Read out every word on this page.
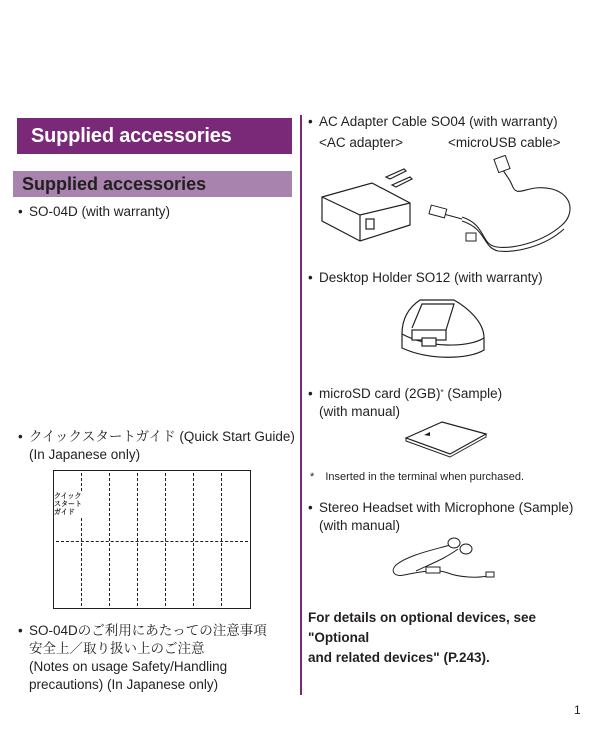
Supplied accessories
Supplied accessories
• SO-04D (with warranty)
• クイックスタートガイド (Quick Start Guide)
(In Japanese only)
クイック
スタート
ガイド
• SO-04Dのご利用にあたっての注意事項
安全上／取り扱い上のご注意
(Notes on usage Safety/Handling
precautions) (In Japanese only)
• AC Adapter Cable SO04 (with warranty)
<AC adapter>	<microUSB cable>
• Desktop Holder SO12 (with warranty)
• microSD card (2GB)* (Sample)
(with manual)
* Inserted in the terminal when purchased.
• Stereo Headset with Microphone (Sample)
(with manual)
For details on optional devices, see "Optional
and related devices" (P.243).
1
